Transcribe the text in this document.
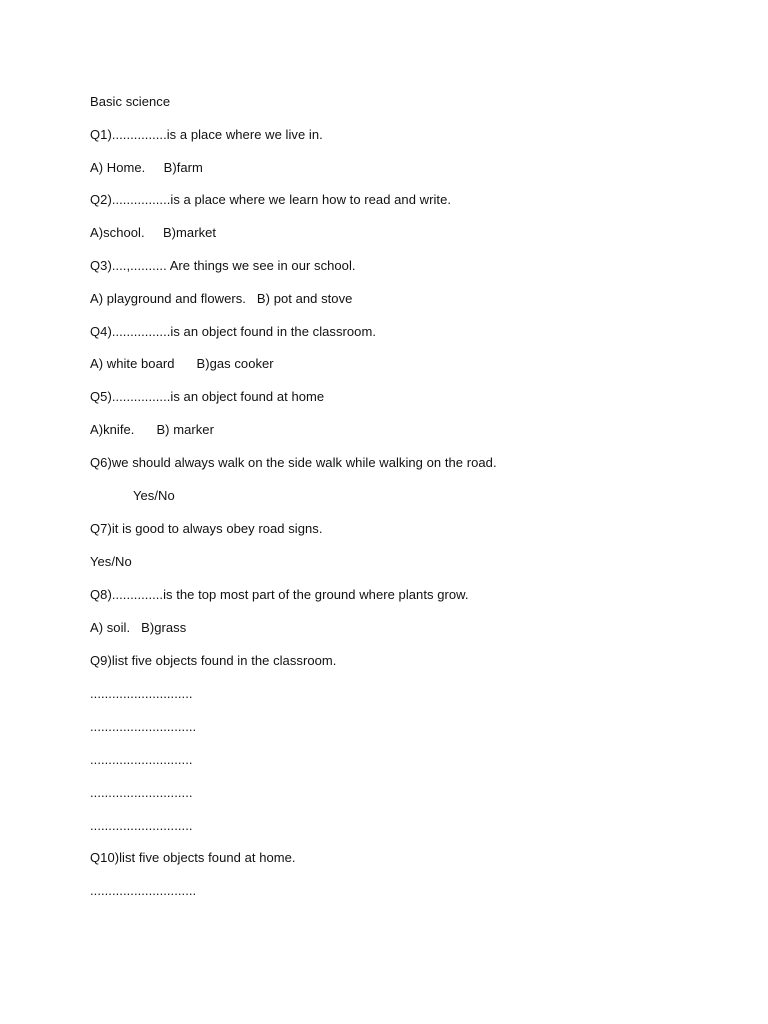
Basic science
Q1)...............is a place where we live in.
A) Home.     B)farm
Q2)................is a place where we learn how to read and write.
A)school.     B)market
Q3)....,.......... Are things we see in our school.
A) playground and flowers.   B) pot and stove
Q4)................is an object found in the classroom.
A) white board      B)gas cooker
Q5)................is an object found at home
A)knife.      B) marker
Q6)we should always walk on the side walk while walking on the road.
Yes/No
Q7)it is good to always obey road signs.
Yes/No
Q8)..............is the top most part of the ground where plants grow.
A) soil.   B)grass
Q9)list five objects found in the classroom.
............................
.............................
............................
............................
............................
Q10)list five objects found at home.
.............................
